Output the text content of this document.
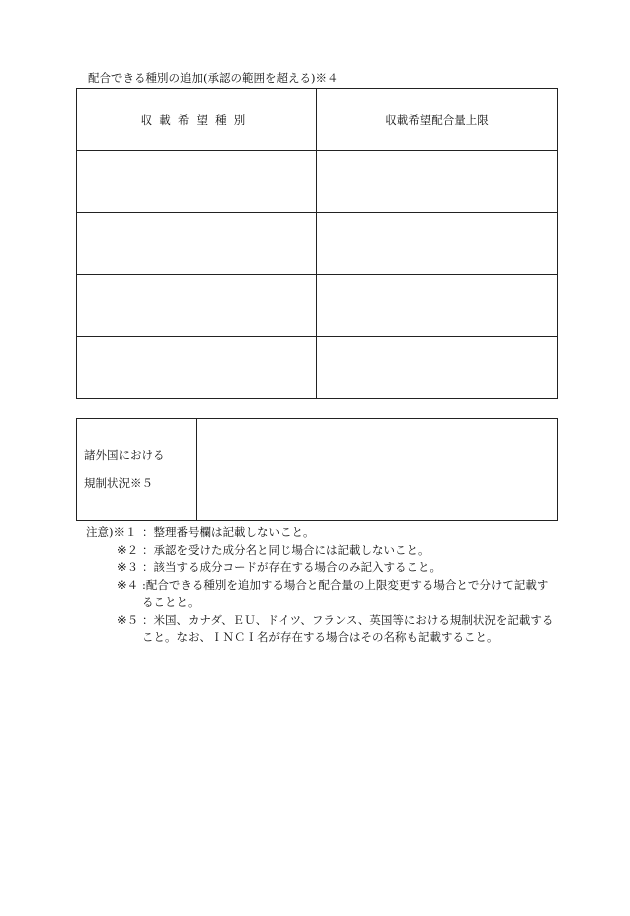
配合できる種別の追加(承認の範囲を超える)※４
収載希望種別	収載希望配合量上限

諸外国における
規制状況※５

注意)※１ ：整理番号欄は記載しないこと。
※２ ：承認を受けた成分名と同じ場合には記載しないこと。
※３ ：該当する成分コードが存在する場合のみ記入すること。
※４ :配合できる種別を追加する場合と配合量の上限変更する場合とで分けて記載することと。
※５ ：米国、カナダ、ＥＵ、ドイツ、フランス、英国等における規制状況を記載すること。なお、ＩＮＣＩ名が存在する場合はその名称も記載すること。
